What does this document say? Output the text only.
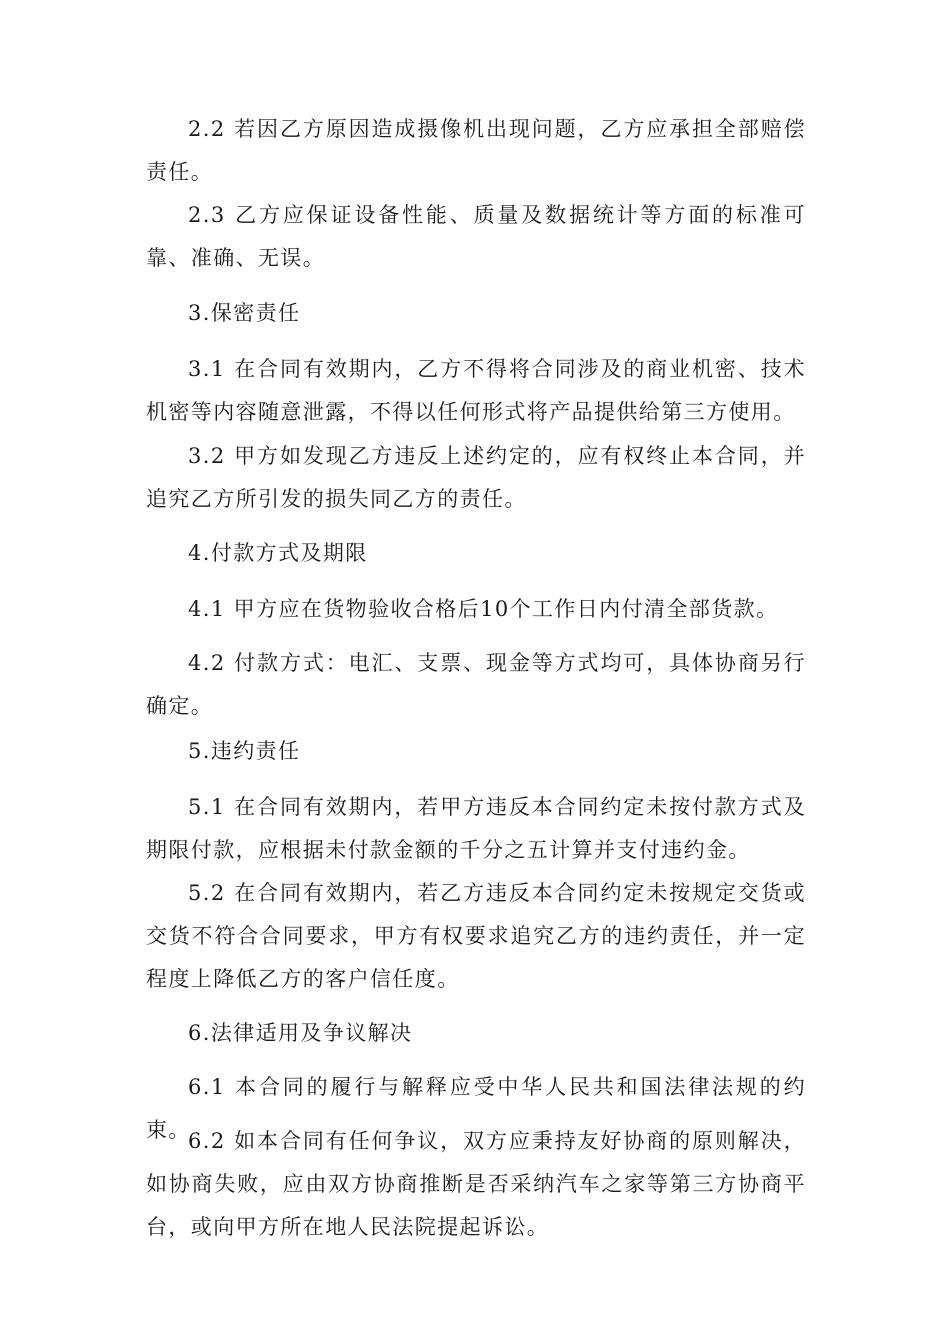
2.2 若因乙方原因造成摄像机出现问题，乙方应承担全部赔偿责任。

2.3 乙方应保证设备性能、质量及数据统计等方面的标准可靠、准确、无误。

3.保密责任

3.1 在合同有效期内，乙方不得将合同涉及的商业机密、技术机密等内容随意泄露，不得以任何形式将产品提供给第三方使用。

3.2 甲方如发现乙方违反上述约定的，应有权终止本合同，并追究乙方所引发的损失同乙方的责任。

4.付款方式及期限

4.1 甲方应在货物验收合格后10个工作日内付清全部货款。

4.2 付款方式：电汇、支票、现金等方式均可，具体协商另行确定。

5.违约责任

5.1 在合同有效期内，若甲方违反本合同约定未按付款方式及期限付款，应根据未付款金额的千分之五计算并支付违约金。

5.2 在合同有效期内，若乙方违反本合同约定未按规定交货或交货不符合合同要求，甲方有权要求追究乙方的违约责任，并一定程度上降低乙方的客户信任度。

6.法律适用及争议解决

6.1 本合同的履行与解释应受中华人民共和国法律法规的约束。

6.2 如本合同有任何争议，双方应秉持友好协商的原则解决，如协商失败，应由双方协商推断是否采纳汽车之家等第三方协商平台，或向甲方所在地人民法院提起诉讼。
